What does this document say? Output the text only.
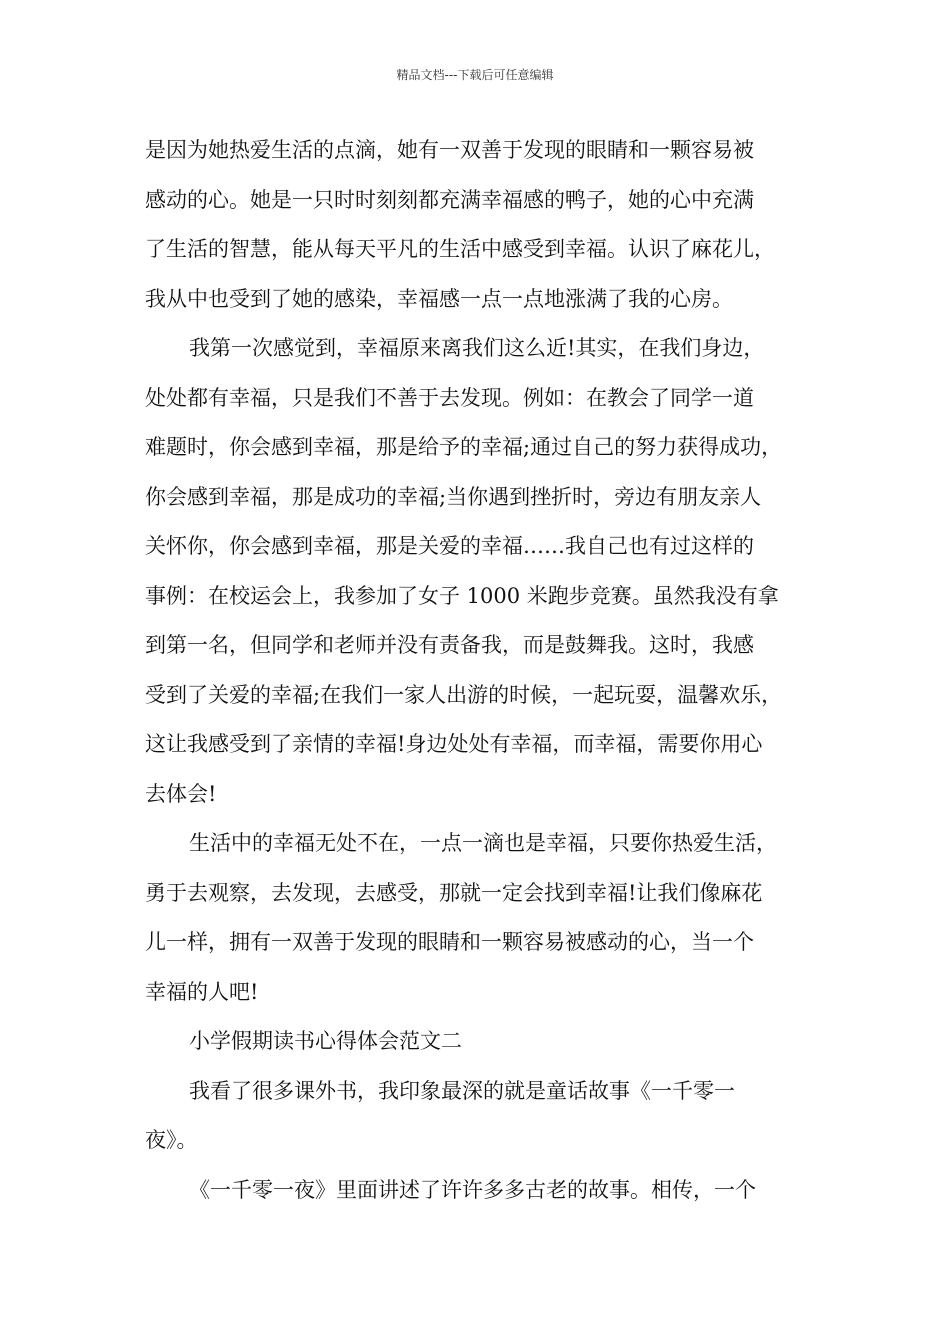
精品文档---下载后可任意编辑
是因为她热爱生活的点滴，她有一双善于发现的眼睛和一颗容易被
感动的心。她是一只时时刻刻都充满幸福感的鸭子，她的心中充满
了生活的智慧，能从每天平凡的生活中感受到幸福。认识了麻花儿，
我从中也受到了她的感染，幸福感一点一点地涨满了我的心房。
我第一次感觉到，幸福原来离我们这么近!其实，在我们身边，
处处都有幸福，只是我们不善于去发现。例如：在教会了同学一道
难题时，你会感到幸福，那是给予的幸福;通过自己的努力获得成功，
你会感到幸福，那是成功的幸福;当你遇到挫折时，旁边有朋友亲人
关怀你，你会感到幸福，那是关爱的幸福……我自己也有过这样的
事例：在校运会上，我参加了女子 1000 米跑步竞赛。虽然我没有拿
到第一名，但同学和老师并没有责备我，而是鼓舞我。这时，我感
受到了关爱的幸福;在我们一家人出游的时候，一起玩耍，温馨欢乐，
这让我感受到了亲情的幸福!身边处处有幸福，而幸福，需要你用心
去体会!
生活中的幸福无处不在，一点一滴也是幸福，只要你热爱生活，
勇于去观察，去发现，去感受，那就一定会找到幸福!让我们像麻花
儿一样，拥有一双善于发现的眼睛和一颗容易被感动的心，当一个
幸福的人吧!
小学假期读书心得体会范文二
我看了很多课外书，我印象最深的就是童话故事《一千零一
夜》。
《一千零一夜》里面讲述了许许多多古老的故事。相传，一个
